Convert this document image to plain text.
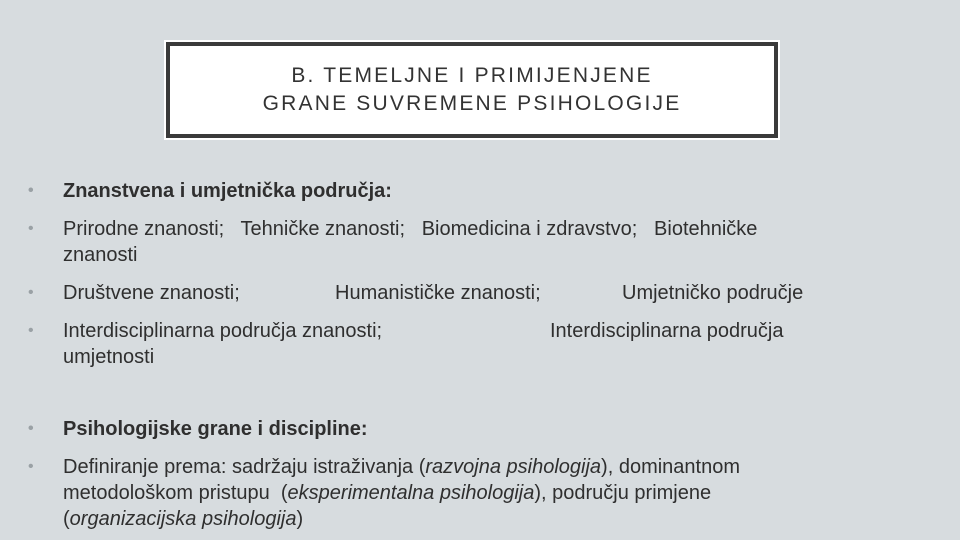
B. TEMELJNE I PRIMIJENJENE
GRANE SUVREMENE PSIHOLOGIJE
•	Znanstvena i umjetnička područja:
•	Prirodne znanosti;   Tehničke znanosti;   Biomedicina i zdravstvo;   Biotehničke
znanosti
•	Društvene znanosti;	Humanističke znanosti;	Umjetničko područje
•	Interdisciplinarna područja znanosti;	Interdisciplinarna područja
umjetnosti
•	Psihologijske grane i discipline:
•	Definiranje prema: sadržaju istraživanja (razvojna psihologija), dominantnom
metodološkom pristupu  (eksperimentalna psihologija), području primjene
(organizacijska psihologija)
